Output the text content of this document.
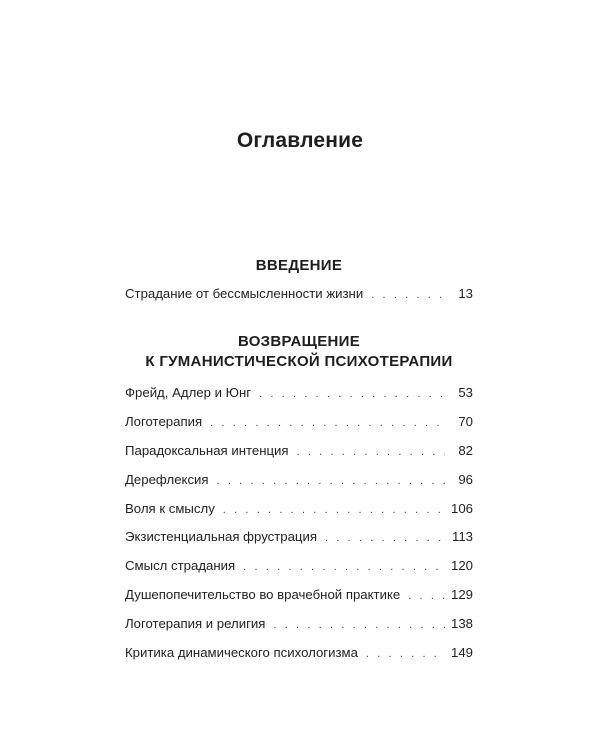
Оглавление
ВВЕДЕНИЕ
Страдание от бессмысленности жизни . . .	13
ВОЗВРАЩЕНИЕ
К ГУМАНИСТИЧЕСКОЙ ПСИХОТЕРАПИИ
Фрейд, Адлер и Юнг . . .	53
Логотерапия . . .	70
Парадоксальная интенция . . .	82
Дерефлексия . . .	96
Воля к смыслу . . .	106
Экзистенциальная фрустрация . . .	113
Смысл страдания . . .	120
Душепопечительство во врачебной практике . . .	129
Логотерапия и религия . . .	138
Критика динамического психологизма . . .	149
